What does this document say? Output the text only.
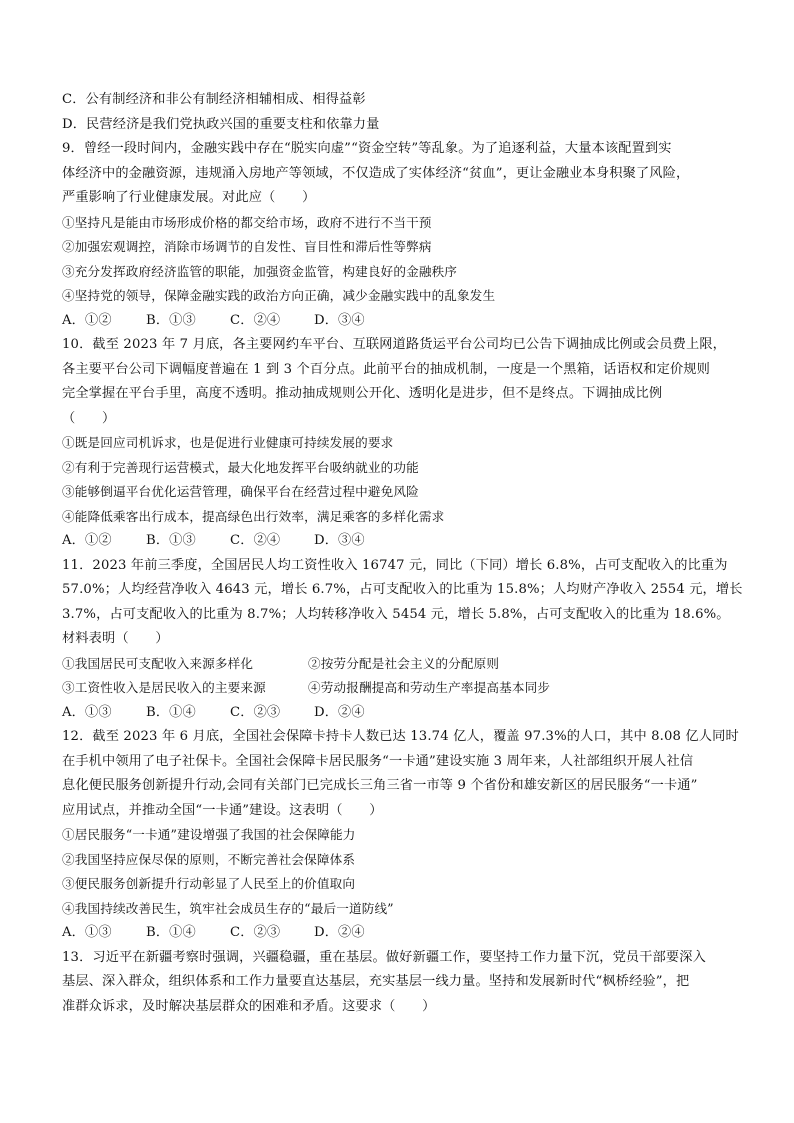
C．公有制经济和非公有制经济相辅相成、相得益彰
D．民营经济是我们党执政兴国的重要支柱和依靠力量
9．曾经一段时间内，金融实践中存在“脱实向虚”“资金空转”等乱象。为了追逐利益，大量本该配置到实
体经济中的金融资源，违规涌入房地产等领域，不仅造成了实体经济“贫血”，更让金融业本身积聚了风险，
严重影响了行业健康发展。对此应（　　）
①坚持凡是能由市场形成价格的都交给市场，政府不进行不当干预
②加强宏观调控，消除市场调节的自发性、盲目性和滞后性等弊病
③充分发挥政府经济监管的职能，加强资金监管，构建良好的金融秩序
④坚持党的领导，保障金融实践的政治方向正确，减少金融实践中的乱象发生
A．①②	B．①③	C．②④	D．③④
10．截至 2023 年 7 月底，各主要网约车平台、互联网道路货运平台公司均已公告下调抽成比例或会员费上限，
各主要平台公司下调幅度普遍在 1 到 3 个百分点。此前平台的抽成机制，一度是一个黑箱，话语权和定价规则
完全掌握在平台手里，高度不透明。推动抽成规则公开化、透明化是进步，但不是终点。下调抽成比例
（　　）
①既是回应司机诉求，也是促进行业健康可持续发展的要求
②有利于完善现行运营模式，最大化地发挥平台吸纳就业的功能
③能够倒逼平台优化运营管理，确保平台在经营过程中避免风险
④能降低乘客出行成本，提高绿色出行效率，满足乘客的多样化需求
A．①②	B．①③	C．②④	D．③④
11．2023 年前三季度，全国居民人均工资性收入 16747 元，同比（下同）增长 6.8%，占可支配收入的比重为
57.0%；人均经营净收入 4643 元，增长 6.7%，占可支配收入的比重为 15.8%；人均财产净收入 2554 元，增长
3.7%，占可支配收入的比重为 8.7%；人均转移净收入 5454 元，增长 5.8%，占可支配收入的比重为 18.6%。
材料表明（　　）
①我国居民可支配收入来源多样化	②按劳分配是社会主义的分配原则
③工资性收入是居民收入的主要来源	④劳动报酬提高和劳动生产率提高基本同步
A．①③	B．①④	C．②③	D．②④
12．截至 2023 年 6 月底，全国社会保障卡持卡人数已达 13.74 亿人，覆盖 97.3%的人口，其中 8.08 亿人同时
在手机中领用了电子社保卡。全国社会保障卡居民服务“一卡通”建设实施 3 周年来，人社部组织开展人社信
息化便民服务创新提升行动,会同有关部门已完成长三角三省一市等 9 个省份和雄安新区的居民服务“一卡通”
应用试点，并推动全国“一卡通”建设。这表明（　　）
①居民服务“一卡通”建设增强了我国的社会保障能力
②我国坚持应保尽保的原则，不断完善社会保障体系
③便民服务创新提升行动彰显了人民至上的价值取向
④我国持续改善民生，筑牢社会成员生存的“最后一道防线”
A．①③	B．①④	C．②③	D．②④
13．习近平在新疆考察时强调，兴疆稳疆，重在基层。做好新疆工作，要坚持工作力量下沉，党员干部要深入
基层、深入群众，组织体系和工作力量要直达基层，充实基层一线力量。坚持和发展新时代“枫桥经验”，把
准群众诉求，及时解决基层群众的困难和矛盾。这要求（　　）
